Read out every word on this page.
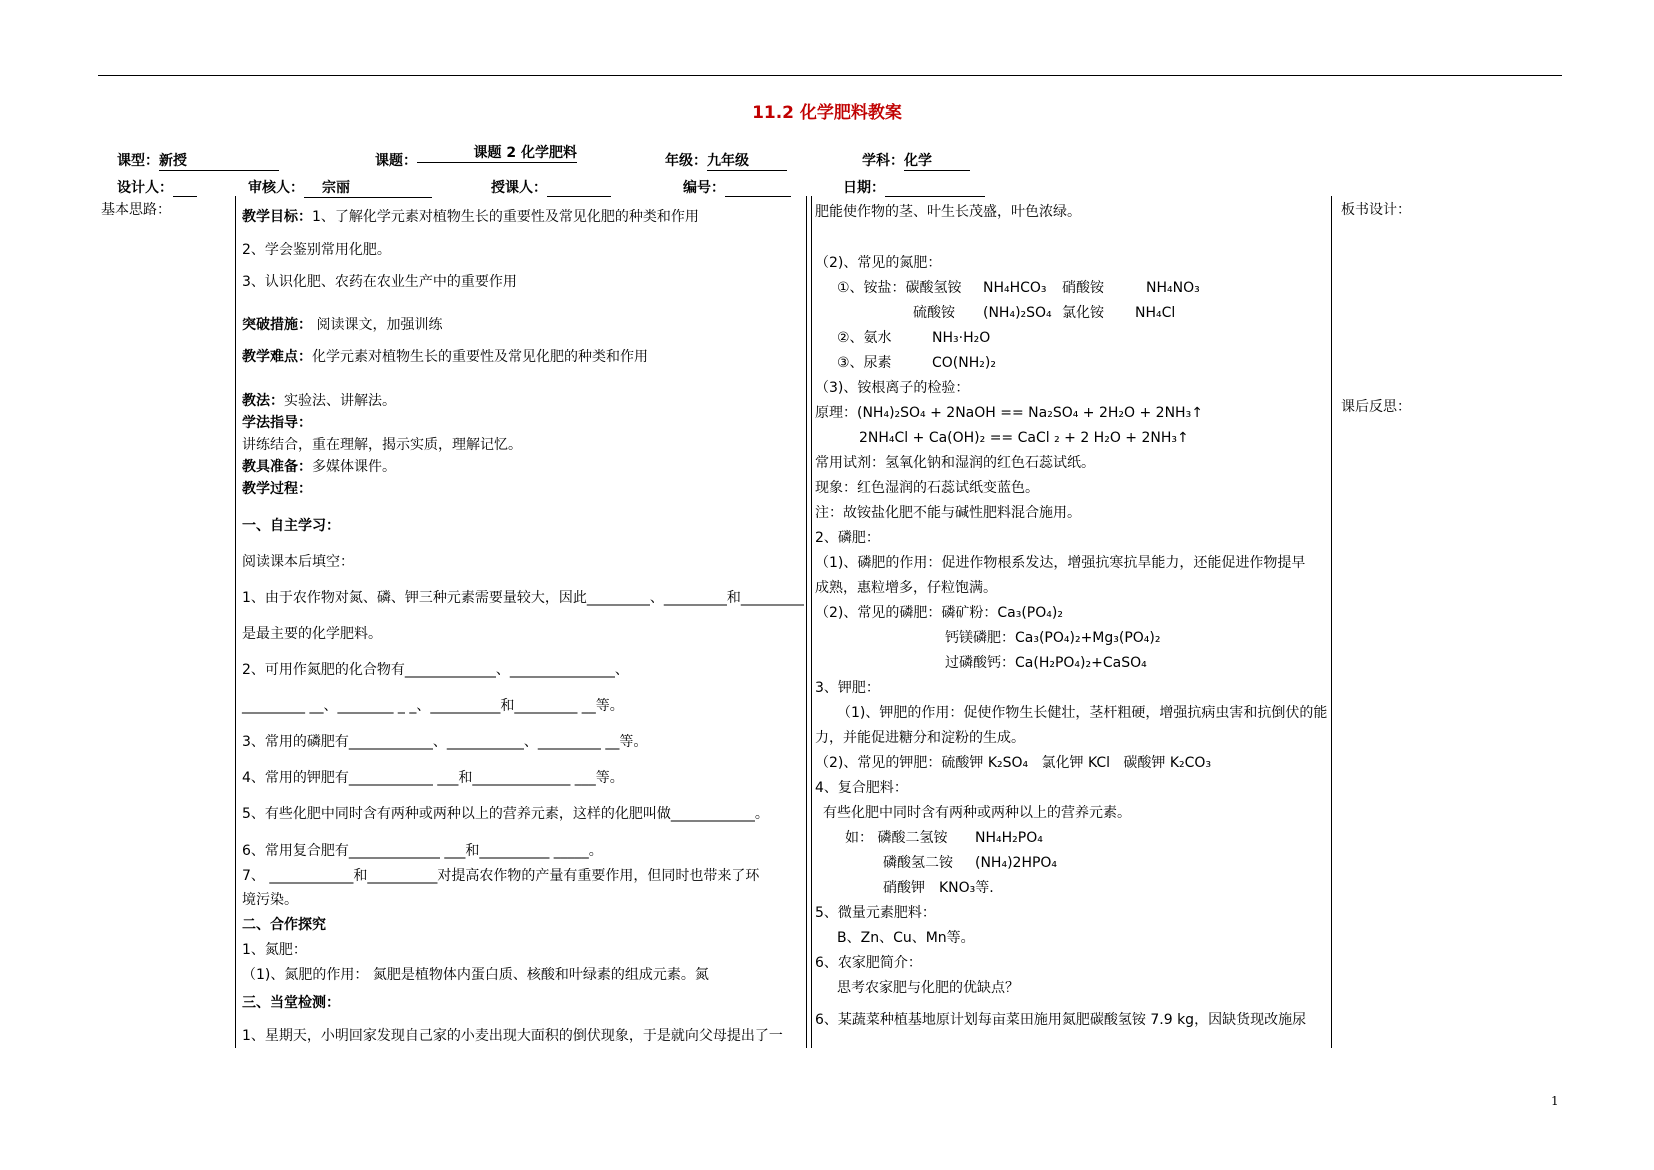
11.2 化学肥料教案
课型：新授	课题：	课题 2 化学肥料	年级：九年级	学科：化学
设计人：	审核人： 宗丽	授课人：	编号：	日期：
基本思路：	板书设计：
课后反思：
教学目标：1、了解化学元素对植物生长的重要性及常见化肥的种类和作用
2、学会鉴别常用化肥。
3、认识化肥、农药在农业生产中的重要作用
突破措施： 阅读课文，加强训练
教学难点：化学元素对植物生长的重要性及常见化肥的种类和作用
教法：实验法、讲解法。
学法指导：
讲练结合，重在理解，揭示实质，理解记忆。
教具准备：多媒体课件。
教学过程：
一、自主学习：
阅读课本后填空：
1、由于农作物对氮、磷、钾三种元素需要量较大，因此_________、_________和_________
是最主要的化学肥料。
2、可用作氮肥的化合物有_____________、_______________、
_________ __、________ _ _、__________和_________ __等。
3、常用的磷肥有____________、___________、_________ __等。
4、常用的钾肥有____________ ___和______________ ___等。
5、有些化肥中同时含有两种或两种以上的营养元素，这样的化肥叫做____________。
6、常用复合肥有_____________ ___和__________ _____。
7、 ____________和__________对提高农作物的产量有重要作用，但同时也带来了环
境污染。
二、合作探究
1、氮肥：
（1)、氮肥的作用： 氮肥是植物体内蛋白质、核酸和叶绿素的组成元素。氮
三、当堂检测：
1、星期天，小明回家发现自己家的小麦出现大面积的倒伏现象，于是就向父母提出了一
肥能使作物的茎、叶生长茂盛，叶色浓绿。
（2)、常见的氮肥：
①、铵盐：碳酸氢铵 NH₄HCO₃ 硝酸铵	NH₄NO₃
硫酸铵 (NH₄)₂SO₄ 氯化铵 NH₄Cl
②、氨水	NH₃·H₂O
③、尿素	CO(NH₂)₂
（3)、铵根离子的检验：
原理：(NH₄)₂SO₄ + 2NaOH == Na₂SO₄ + 2H₂O + 2NH₃↑
2NH₄Cl + Ca(OH)₂ == CaCl ₂ + 2 H₂O + 2NH₃↑
常用试剂：氢氧化钠和湿润的红色石蕊试纸。
现象：红色湿润的石蕊试纸变蓝色。
注：故铵盐化肥不能与碱性肥料混合施用。
2、磷肥：
（1)、磷肥的作用：促进作物根系发达，增强抗寒抗旱能力，还能促进作物提早
成熟，惠粒增多，仔粒饱满。
（2)、常见的磷肥：磷矿粉：Ca₃(PO₄)₂
钙镁磷肥：Ca₃(PO₄)₂+Mg₃(PO₄)₂
过磷酸钙：Ca(H₂PO₄)₂+CaSO₄
3、钾肥：
（1)、钾肥的作用：促使作物生长健壮，茎杆粗硬，增强抗病虫害和抗倒伏的能
力，并能促进糖分和淀粉的生成。
（2)、常见的钾肥：硫酸钾 K₂SO₄ 氯化钾 KCl 碳酸钾 K₂CO₃
4、复合肥料：
有些化肥中同时含有两种或两种以上的营养元素。
如： 磷酸二氢铵 NH₄H₂PO₄
磷酸氢二铵 (NH₄)2HPO₄
硝酸钾 KNO₃等.
5、微量元素肥料：
B、Zn、Cu、Mn等。
6、农家肥简介：
思考农家肥与化肥的优缺点？
6、某蔬菜种植基地原计划每亩菜田施用氮肥碳酸氢铵 7.9 kg，因缺货现改施尿
1
